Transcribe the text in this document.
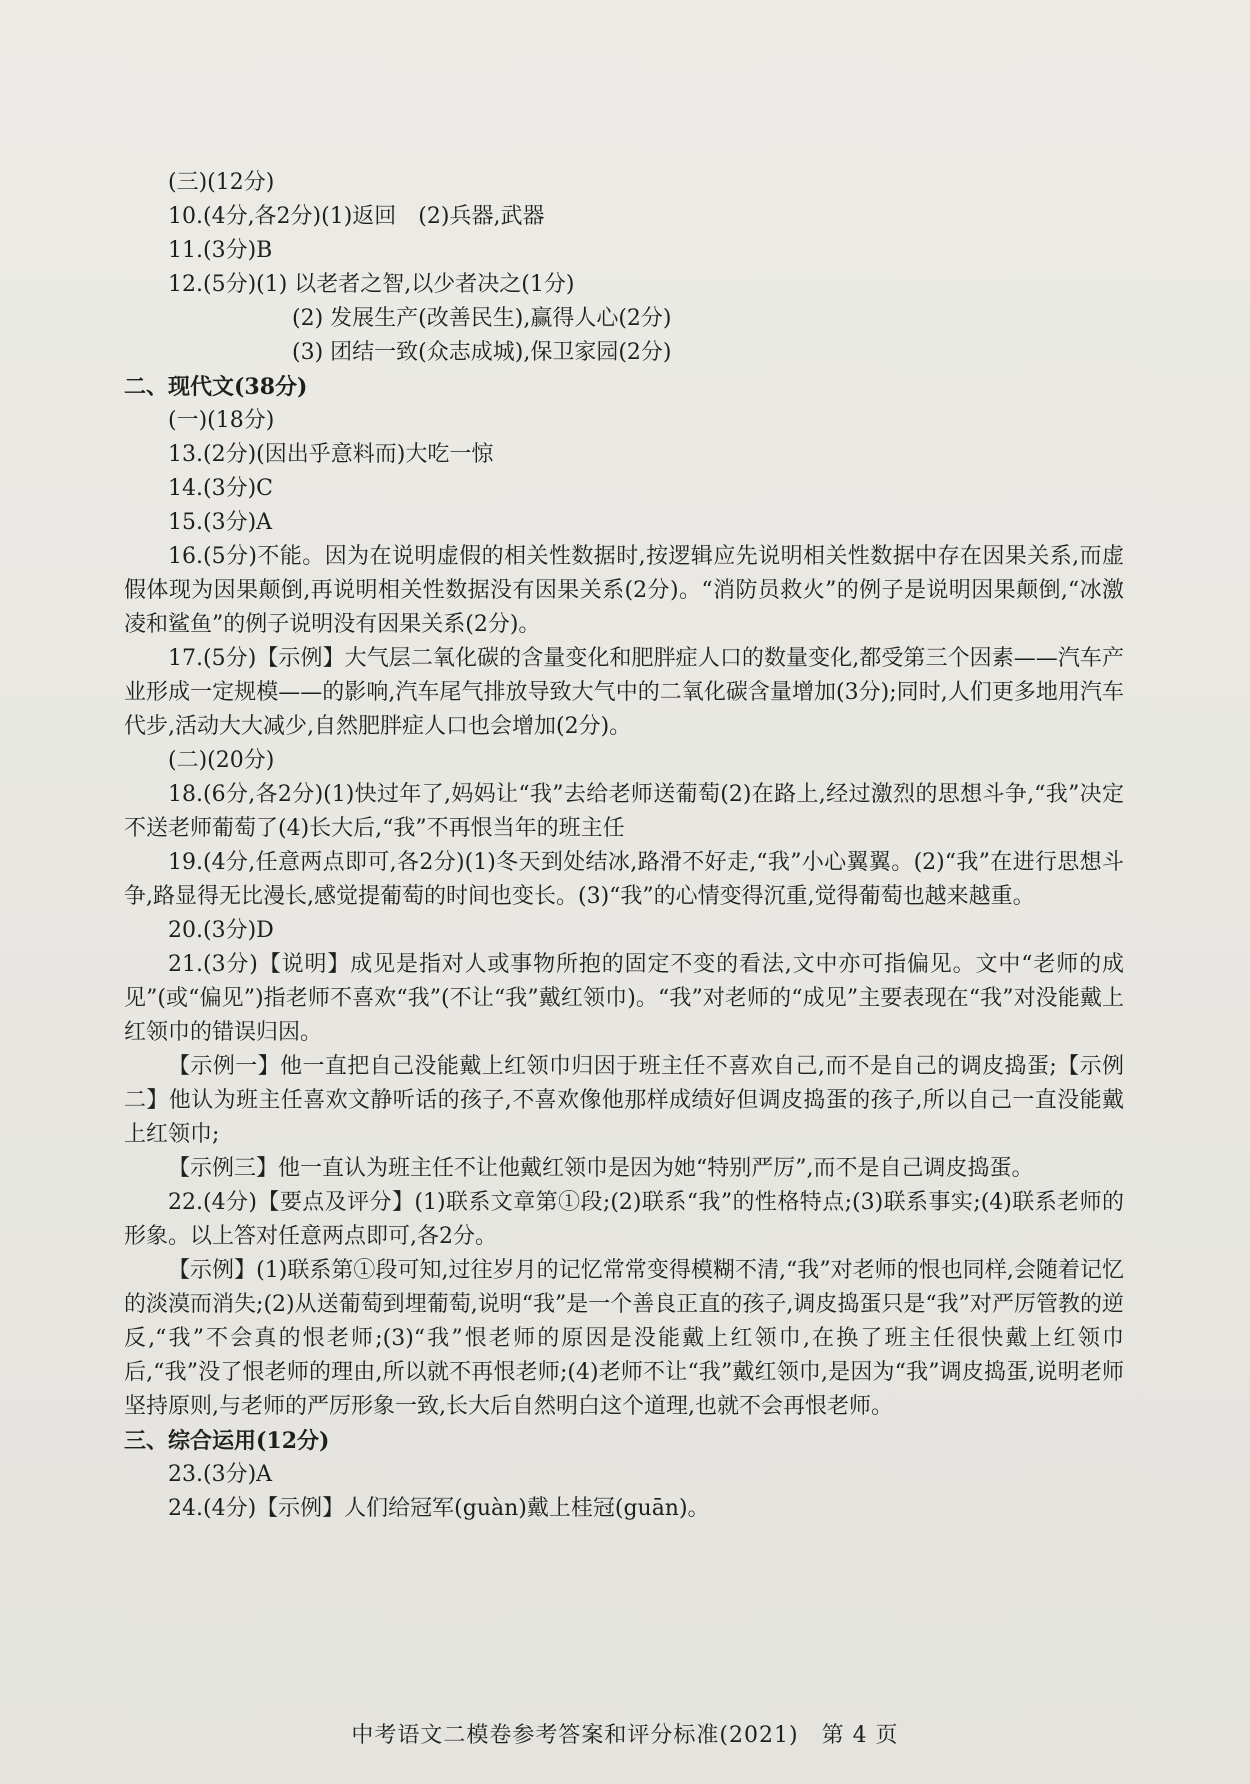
(三)(12分)
10.(4分,各2分)(1)返回　(2)兵器,武器
11.(3分)B
12.(5分)(1) 以老者之智,以少者决之(1分)
(2) 发展生产(改善民生),赢得人心(2分)
(3) 团结一致(众志成城),保卫家园(2分)
二、现代文(38分)
(一)(18分)
13.(2分)(因出乎意料而)大吃一惊
14.(3分)C
15.(3分)A

16.(5分)不能。因为在说明虚假的相关性数据时,按逻辑应先说明相关性数据中存在因果关系,而虚假体现为因果颠倒,再说明相关性数据没有因果关系(2分)。“消防员救火”的例子是说明因果颠倒,“冰激凌和鲨鱼”的例子说明没有因果关系(2分)。

17.(5分)【示例】大气层二氧化碳的含量变化和肥胖症人口的数量变化,都受第三个因素——汽车产业形成一定规模——的影响,汽车尾气排放导致大气中的二氧化碳含量增加(3分);同时,人们更多地用汽车代步,活动大大减少,自然肥胖症人口也会增加(2分)。

(二)(20分)

18.(6分,各2分)(1)快过年了,妈妈让“我”去给老师送葡萄(2)在路上,经过激烈的思想斗争,“我”决定不送老师葡萄了(4)长大后,“我”不再恨当年的班主任

19.(4分,任意两点即可,各2分)(1)冬天到处结冰,路滑不好走,“我”小心翼翼。(2)“我”在进行思想斗争,路显得无比漫长,感觉提葡萄的时间也变长。(3)“我”的心情变得沉重,觉得葡萄也越来越重。

20.(3分)D

21.(3分)【说明】成见是指对人或事物所抱的固定不变的看法,文中亦可指偏见。文中“老师的成见”(或“偏见”)指老师不喜欢“我”(不让“我”戴红领巾)。“我”对老师的“成见”主要表现在“我”对没能戴上红领巾的错误归因。

【示例一】他一直把自己没能戴上红领巾归因于班主任不喜欢自己,而不是自己的调皮捣蛋;【示例二】他认为班主任喜欢文静听话的孩子,不喜欢像他那样成绩好但调皮捣蛋的孩子,所以自己一直没能戴上红领巾;

【示例三】他一直认为班主任不让他戴红领巾是因为她“特别严厉”,而不是自己调皮捣蛋。

22.(4分)【要点及评分】(1)联系文章第①段;(2)联系“我”的性格特点;(3)联系事实;(4)联系老师的形象。以上答对任意两点即可,各2分。

【示例】(1)联系第①段可知,过往岁月的记忆常常变得模糊不清,“我”对老师的恨也同样,会随着记忆的淡漠而消失;(2)从送葡萄到埋葡萄,说明“我”是一个善良正直的孩子,调皮捣蛋只是“我”对严厉管教的逆反,“我”不会真的恨老师;(3)“我”恨老师的原因是没能戴上红领巾,在换了班主任很快戴上红领巾后,“我”没了恨老师的理由,所以就不再恨老师;(4)老师不让“我”戴红领巾,是因为“我”调皮捣蛋,说明老师坚持原则,与老师的严厉形象一致,长大后自然明白这个道理,也就不会再恨老师。

三、综合运用(12分)
23.(3分)A
24.(4分)【示例】人们给冠军(guàn)戴上桂冠(guān)。
中考语文二模卷参考答案和评分标准(2021)　第 4 页
